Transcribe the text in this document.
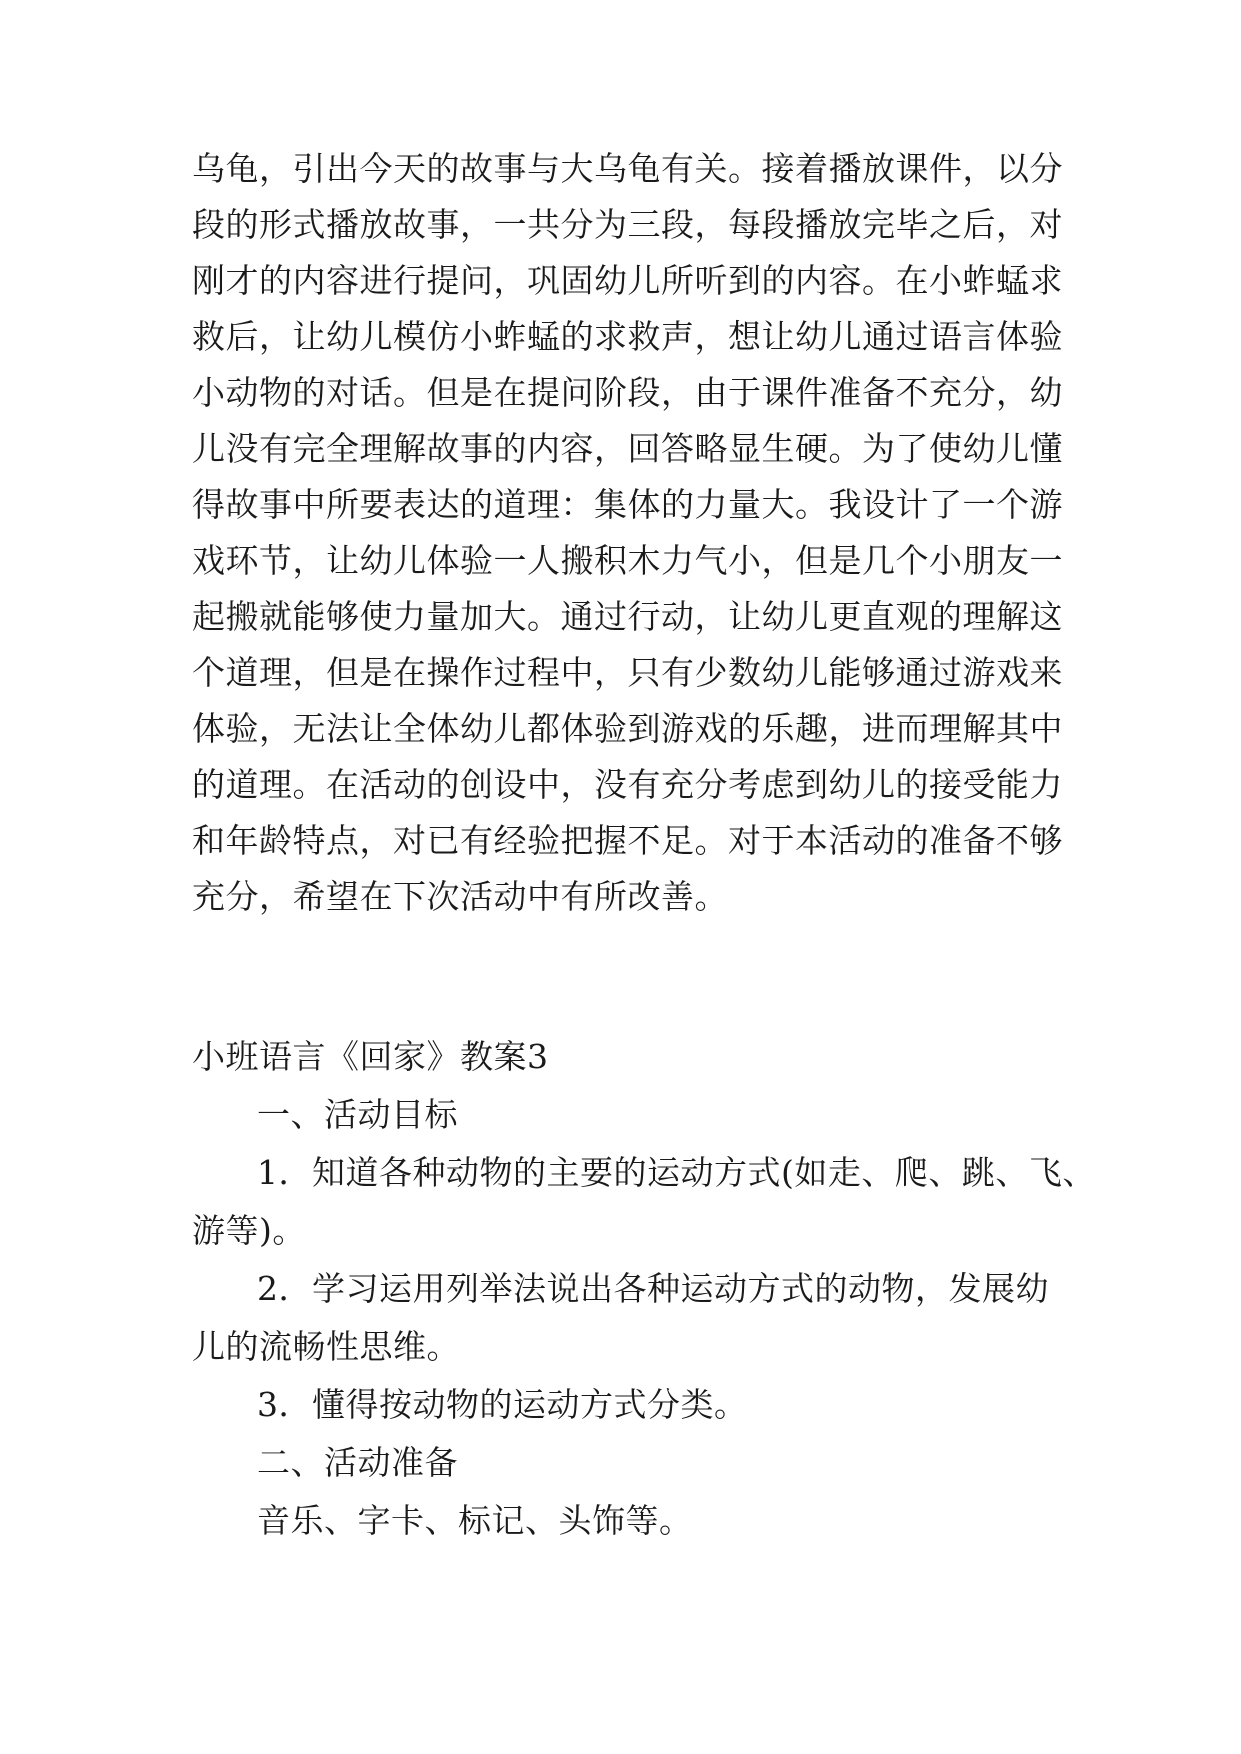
乌龟，引出今天的故事与大乌龟有关。接着播放课件，以分
段的形式播放故事，一共分为三段，每段播放完毕之后，对
刚才的内容进行提问，巩固幼儿所听到的内容。在小蚱蜢求
救后，让幼儿模仿小蚱蜢的求救声，想让幼儿通过语言体验
小动物的对话。但是在提问阶段，由于课件准备不充分，幼
儿没有完全理解故事的内容，回答略显生硬。为了使幼儿懂
得故事中所要表达的道理：集体的力量大。我设计了一个游
戏环节，让幼儿体验一人搬积木力气小，但是几个小朋友一
起搬就能够使力量加大。通过行动，让幼儿更直观的理解这
个道理，但是在操作过程中，只有少数幼儿能够通过游戏来
体验，无法让全体幼儿都体验到游戏的乐趣，进而理解其中
的道理。在活动的创设中，没有充分考虑到幼儿的接受能力
和年龄特点，对已有经验把握不足。对于本活动的准备不够
充分，希望在下次活动中有所改善。
小班语言《回家》教案3
一、活动目标
1．知道各种动物的主要的运动方式(如走、爬、跳、飞、
游等)。
2．学习运用列举法说出各种运动方式的动物，发展幼
儿的流畅性思维。
3．懂得按动物的运动方式分类。
二、活动准备
音乐、字卡、标记、头饰等。
